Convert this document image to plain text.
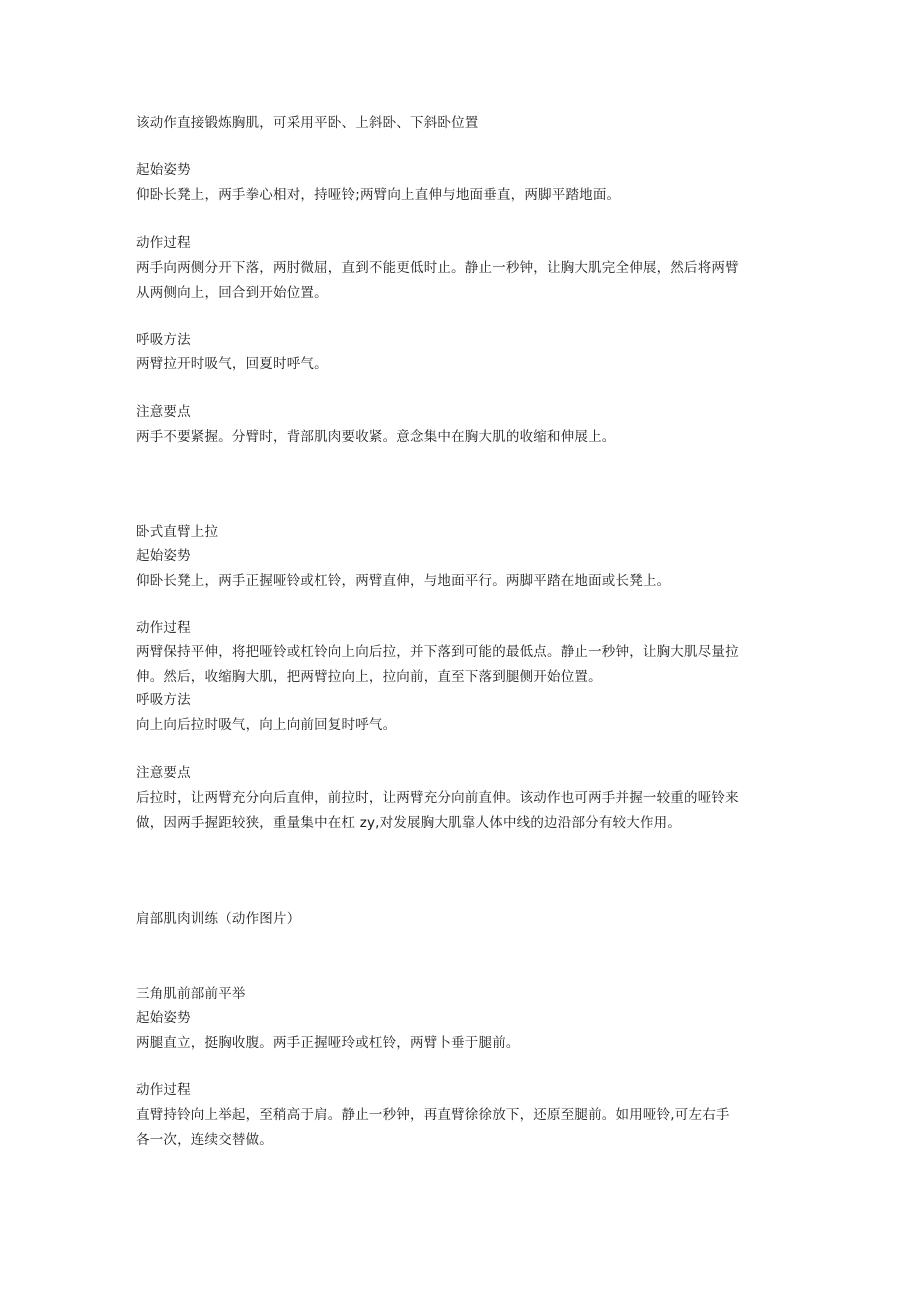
该动作直接锻炼胸肌，可采用平卧、上斜卧、下斜卧位置
起始姿势
仰卧长凳上，两手拳心相对，持哑铃;两臂向上直伸与地面垂直，两脚平踏地面。
动作过程
两手向两侧分开下落，两肘微屈，直到不能更低时止。静止一秒钟，让胸大肌完全伸展，然后将两臂
从两侧向上，回合到开始位置。
呼吸方法
两臂拉开时吸气，回夏时呼气。
注意要点
两手不要紧握。分臂时，背部肌肉要收紧。意念集中在胸大肌的收缩和伸展上。
卧式直臂上拉
起始姿势
仰卧长凳上，两手正握哑铃或杠铃，两臂直伸，与地面平行。两脚平踏在地面或长凳上。
动作过程
两臂保持平伸，将把哑铃或杠铃向上向后拉，并下落到可能的最低点。静止一秒钟，让胸大肌尽量拉
伸。然后，收缩胸大肌，把两臂拉向上，拉向前，直至下落到腿侧开始位置。
呼吸方法
向上向后拉时吸气，向上向前回复时呼气。
注意要点
后拉时，让两臂充分向后直伸，前拉时，让两臂充分向前直伸。该动作也可两手并握一较重的哑铃来
做，因两手握距较狭，重量集中在杠 zy,对发展胸大肌靠人体中线的边沿部分有较大作用。
肩部肌肉训练（动作图片）
三角肌前部前平举
起始姿势
两腿直立，挺胸收腹。两手正握哑玲或杠铃，两臂卜垂于腿前。
动作过程
直臂持铃向上举起，至稍高于肩。静止一秒钟，再直臂徐徐放下，还原至腿前。如用哑铃,可左右手
各一次，连续交替做。
